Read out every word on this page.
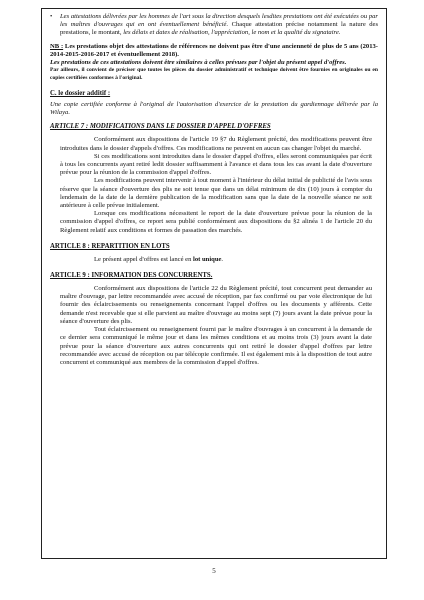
•	Les attestations délivrées par les hommes de l'art sous la direction desquels lesdites prestations ont été exécutées ou par les maîtres d'ouvrages qui en ont éventuellement bénéficié. Chaque attestation précise notamment la nature des prestations, le montant, les délais et dates de réalisation, l'appréciation, le nom et la qualité du signataire.

NB : Les prestations objet des attestations de références ne doivent pas être d'une ancienneté de plus de 5 ans (2013-2014-2015-2016-2017 et éventuellement 2018).

Les prestations de ces attestations doivent être similaires à celles prévues par l'objet du présent appel d'offres.

Par ailleurs, il convient de préciser que toutes les pièces du dossier administratif et technique doivent être fournies en originales ou en copies certifiées conformes à l'original.

C. le dossier additif :

Une copie certifiée conforme à l'original de l'autorisation d'exercice de la prestation du gardiennage délivrée par la Wilaya.

ARTICLE 7 : MODIFICATIONS DANS LE DOSSIER D'APPEL D'OFFRES

Conformément aux dispositions de l'article 19 §7 du Règlement précité, des modifications peuvent être introduites dans le dossier d'appels d'offres. Ces modifications ne peuvent en aucun cas changer l'objet du marché.

Si ces modifications sont introduites dans le dossier d'appel d'offres, elles seront communiquées par écrit à tous les concurrents ayant retiré ledit dossier suffisamment à l'avance et dans tous les cas avant la date d'ouverture prévue pour la réunion de la commission d'appel d'offres.

Les modifications peuvent intervenir à tout moment à l'intérieur du délai initial de publicité de l'avis sous réserve que la séance d'ouverture des plis ne soit tenue que dans un délai minimum de dix (10) jours à compter du lendemain de la date de la dernière publication de la modification sans que la date de la nouvelle séance ne soit antérieure à celle prévue initialement.

Lorsque ces modifications nécessitent le report de la date d'ouverture prévue pour la réunion de la commission d'appel d'offres, ce report sera publié conformément aux dispositions du §2 alinéa 1 de l'article 20 du Règlement relatif aux conditions et formes de passation des marchés.

ARTICLE 8 : REPARTITION EN LOTS

Le présent appel d'offres est lancé en lot unique.

ARTICLE 9 : INFORMATION DES CONCURRENTS.

Conformément aux dispositions de l'article 22 du Règlement précité, tout concurrent peut demander au maître d'ouvrage, par lettre recommandée avec accusé de réception, par fax confirmé ou par voie électronique de lui fournir des éclaircissements ou renseignements concernant l'appel d'offres ou les documents y afférents. Cette demande n'est recevable que si elle parvient au maître d'ouvrage au moins sept (7) jours avant la date prévue pour la séance d'ouverture des plis.

Tout éclaircissement ou renseignement fourni par le maître d'ouvrages à un concurrent à la demande de ce dernier sera communiqué le même jour et dans les mêmes conditions et au moins trois (3) jours avant la date prévue pour la séance d'ouverture aux autres concurrents qui ont retiré le dossier d'appel d'offres par lettre recommandée avec accusé de réception ou par télécopie confirmée. Il est également mis à la disposition de tout autre concurrent et communiqué aux membres de la commission d'appel d'offres.

5
